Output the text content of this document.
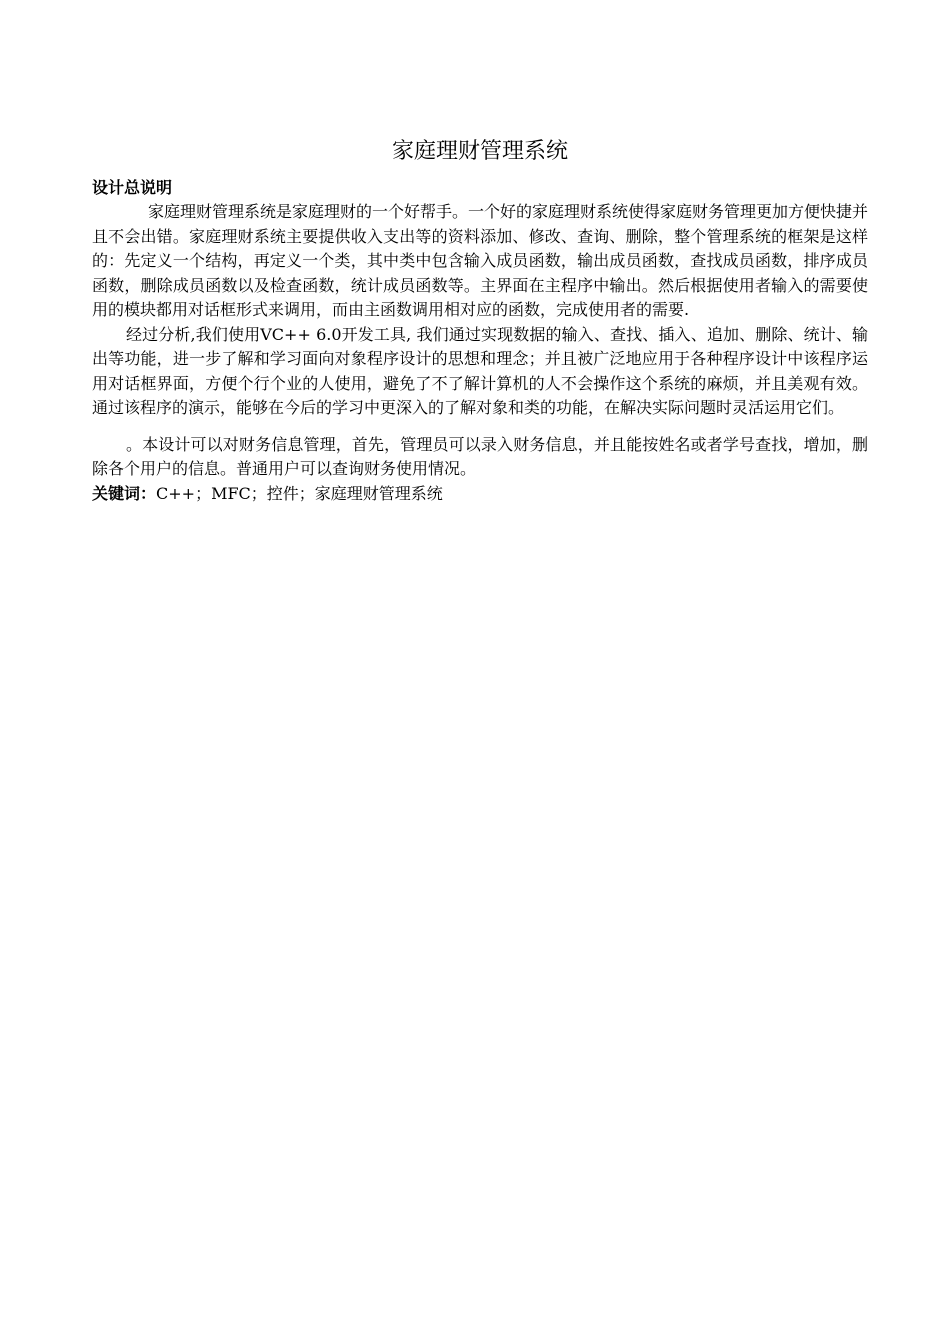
家庭理财管理系统
设计总说明

家庭理财管理系统是家庭理财的一个好帮手。一个好的家庭理财系统使得家庭财务管理更加方便快捷并且不会出错。家庭理财系统主要提供收入支出等的资料添加、修改、查询、删除，整个管理系统的框架是这样的：先定义一个结构，再定义一个类，其中类中包含输入成员函数，输出成员函数，查找成员函数，排序成员函数，删除成员函数以及检查函数，统计成员函数等。主界面在主程序中输出。然后根据使用者输入的需要使用的模块都用对话框形式来调用，而由主函数调用相对应的函数，完成使用者的需要.

经过分析,我们使用VC++ 6.0开发工具, 我们通过实现数据的输入、查找、插入、追加、删除、统计、输出等功能，进一步了解和学习面向对象程序设计的思想和理念；并且被广泛地应用于各种程序设计中该程序运用对话框界面，方便个行个业的人使用，避免了不了解计算机的人不会操作这个系统的麻烦，并且美观有效。通过该程序的演示，能够在今后的学习中更深入的了解对象和类的功能，在解决实际问题时灵活运用它们。

。本设计可以对财务信息管理，首先，管理员可以录入财务信息，并且能按姓名或者学号查找，增加，删除各个用户的信息。普通用户可以查询财务使用情况。

关键词：C++；MFC；控件；家庭理财管理系统
